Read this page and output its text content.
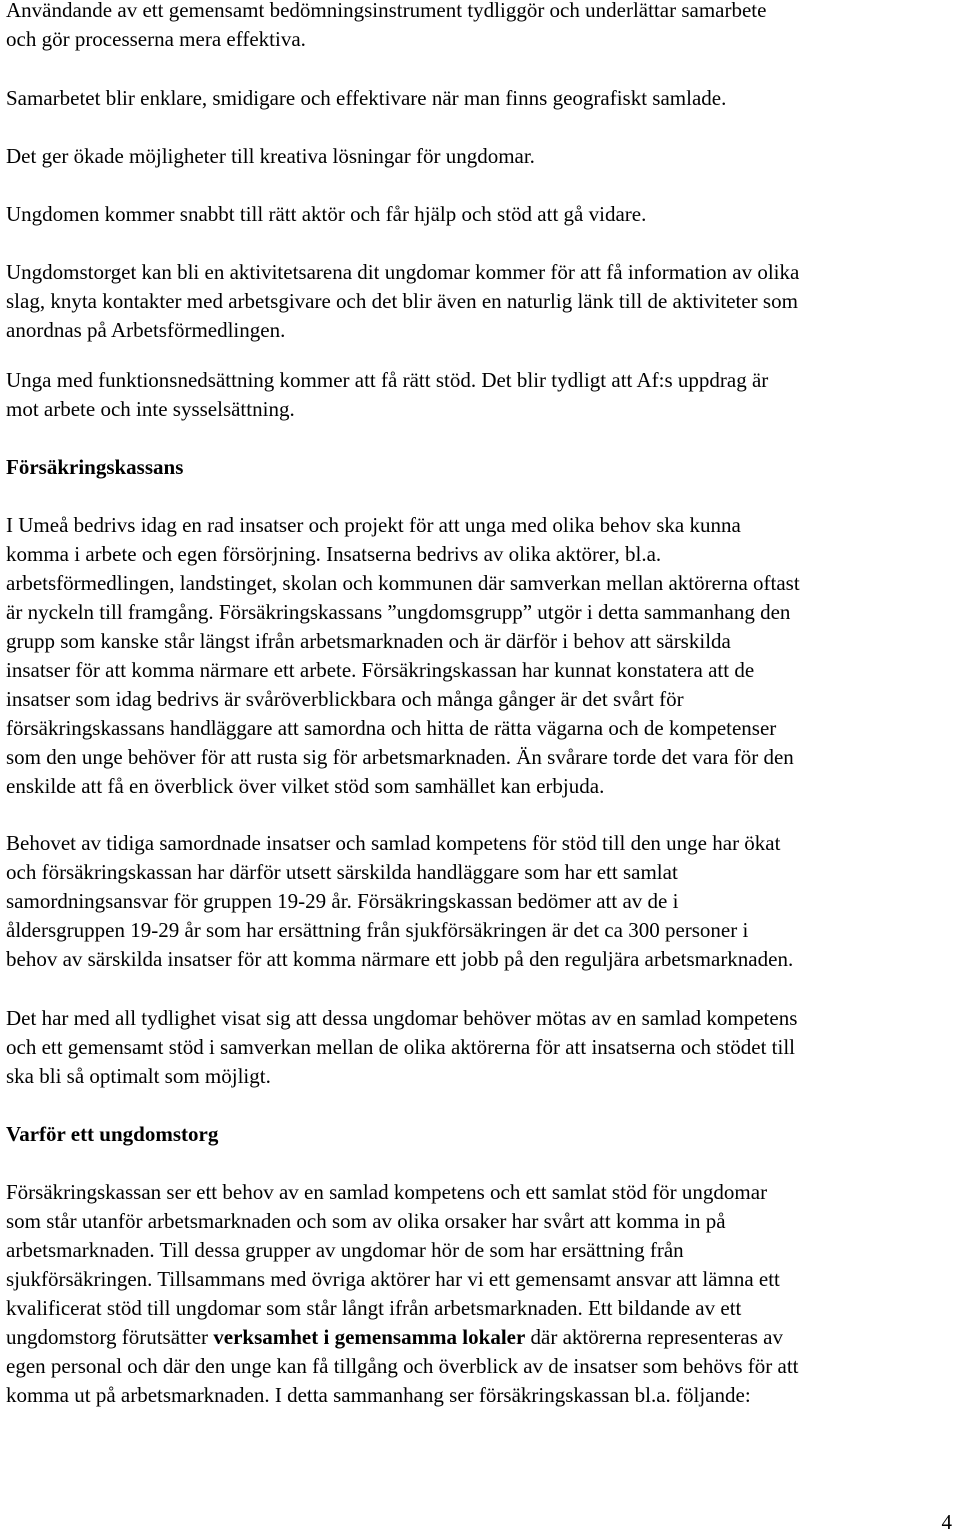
Användande av ett gemensamt bedömningsinstrument tydliggör och underlättar samarbete
och gör processerna mera effektiva.

Samarbetet blir enklare, smidigare och effektivare när man finns geografiskt samlade.

Det ger ökade möjligheter till kreativa lösningar för ungdomar.

Ungdomen kommer snabbt till rätt aktör och får hjälp och stöd att gå vidare.

Ungdomstorget kan bli en aktivitetsarena dit ungdomar kommer för att få information av olika
slag, knyta kontakter med arbetsgivare och det blir även en naturlig länk till de aktiviteter som
anordnas på Arbetsförmedlingen.

Unga med funktionsnedsättning kommer att få rätt stöd. Det blir tydligt att Af:s uppdrag är
mot arbete och inte sysselsättning.

Försäkringskassans

I Umeå bedrivs idag en rad insatser och projekt för att unga med olika behov ska kunna
komma i arbete och egen försörjning. Insatserna bedrivs av olika aktörer, bl.a.
arbetsförmedlingen, landstinget, skolan och kommunen där samverkan mellan aktörerna oftast
är nyckeln till framgång. Försäkringskassans ”ungdomsgrupp” utgör i detta sammanhang den
grupp som kanske står längst ifrån arbetsmarknaden och är därför i behov att särskilda
insatser för att komma närmare ett arbete. Försäkringskassan har kunnat konstatera att de
insatser som idag bedrivs är svåröverblickbara och många gånger är det svårt för
försäkringskassans handläggare att samordna och hitta de rätta vägarna och de kompetenser
som den unge behöver för att rusta sig för arbetsmarknaden. Än svårare torde det vara för den
enskilde att få en överblick över vilket stöd som samhället kan erbjuda.

Behovet av tidiga samordnade insatser och samlad kompetens för stöd till den unge har ökat
och försäkringskassan har därför utsett särskilda handläggare som har ett samlat
samordningsansvar för gruppen 19-29 år. Försäkringskassan bedömer att av de i
åldersgruppen 19-29 år som har ersättning från sjukförsäkringen är det ca 300 personer i
behov av särskilda insatser för att komma närmare ett jobb på den reguljära arbetsmarknaden.

Det har med all tydlighet visat sig att dessa ungdomar behöver mötas av en samlad kompetens
och ett gemensamt stöd i samverkan mellan de olika aktörerna för att insatserna och stödet till
ska bli så optimalt som möjligt.

Varför ett ungdomstorg

Försäkringskassan ser ett behov av en samlad kompetens och ett samlat stöd för ungdomar
som står utanför arbetsmarknaden och som av olika orsaker har svårt att komma in på
arbetsmarknaden. Till dessa grupper av ungdomar hör de som har ersättning från
sjukförsäkringen. Tillsammans med övriga aktörer har vi ett gemensamt ansvar att lämna ett
kvalificerat stöd till ungdomar som står långt ifrån arbetsmarknaden. Ett bildande av ett
ungdomstorg förutsätter verksamhet i gemensamma lokaler där aktörerna representeras av
egen personal och där den unge kan få tillgång och överblick av de insatser som behövs för att
komma ut på arbetsmarknaden. I detta sammanhang ser försäkringskassan bl.a. följande:

4
